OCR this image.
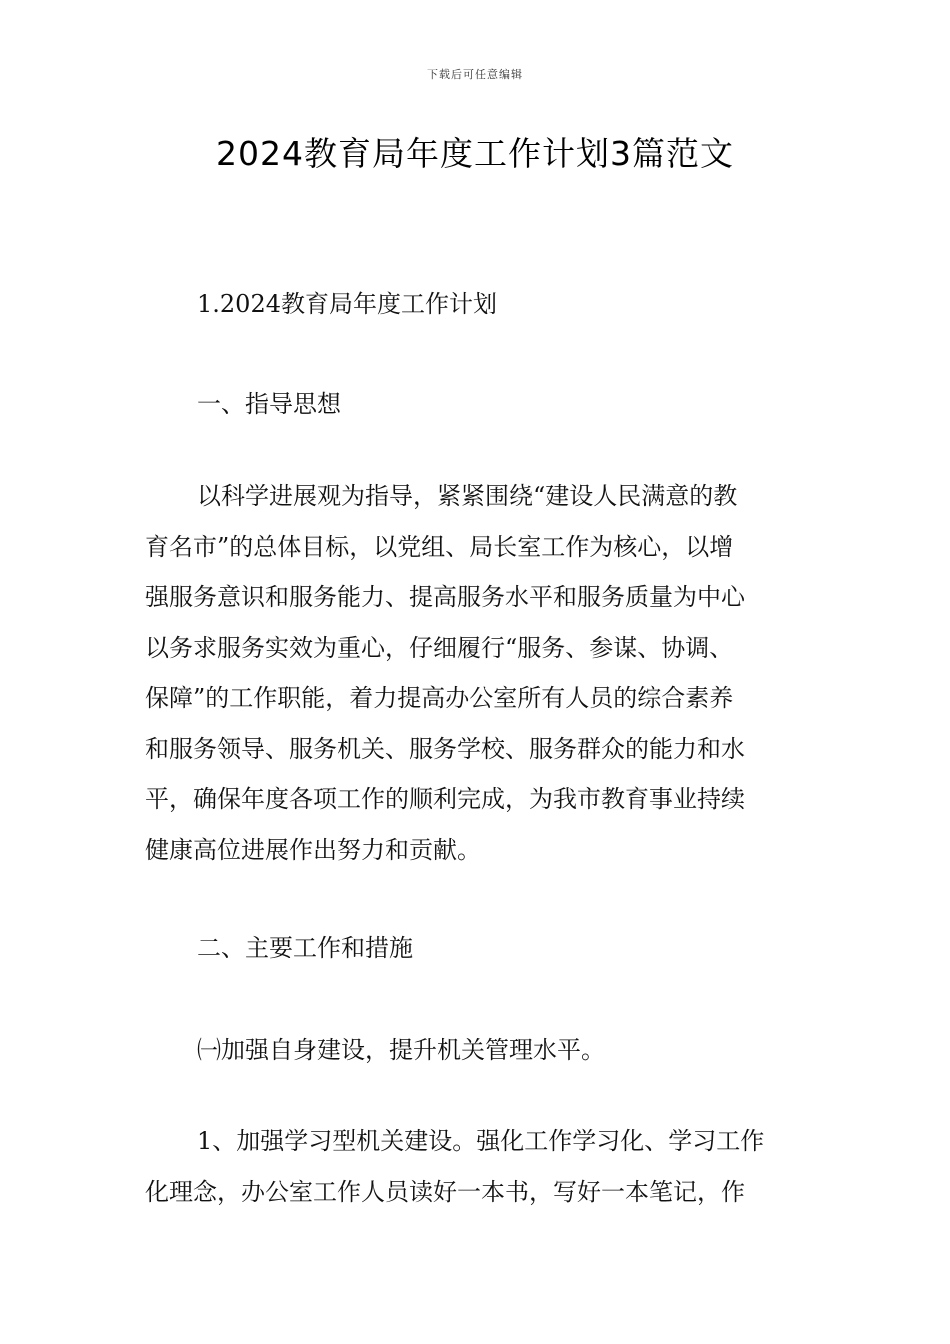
下载后可任意编辑
2024教育局年度工作计划3篇范文

1.2024教育局年度工作计划

一、指导思想

以科学进展观为指导，紧紧围绕“建设人民满意的教
育名市”的总体目标，以党组、局长室工作为核心，以增
强服务意识和服务能力、提高服务水平和服务质量为中心
以务求服务实效为重心，仔细履行“服务、参谋、协调、
保障”的工作职能，着力提高办公室所有人员的综合素养
和服务领导、服务机关、服务学校、服务群众的能力和水
平，确保年度各项工作的顺利完成，为我市教育事业持续
健康高位进展作出努力和贡献。

二、主要工作和措施

㈠加强自身建设，提升机关管理水平。

1、加强学习型机关建设。强化工作学习化、学习工作
化理念，办公室工作人员读好一本书，写好一本笔记，作
